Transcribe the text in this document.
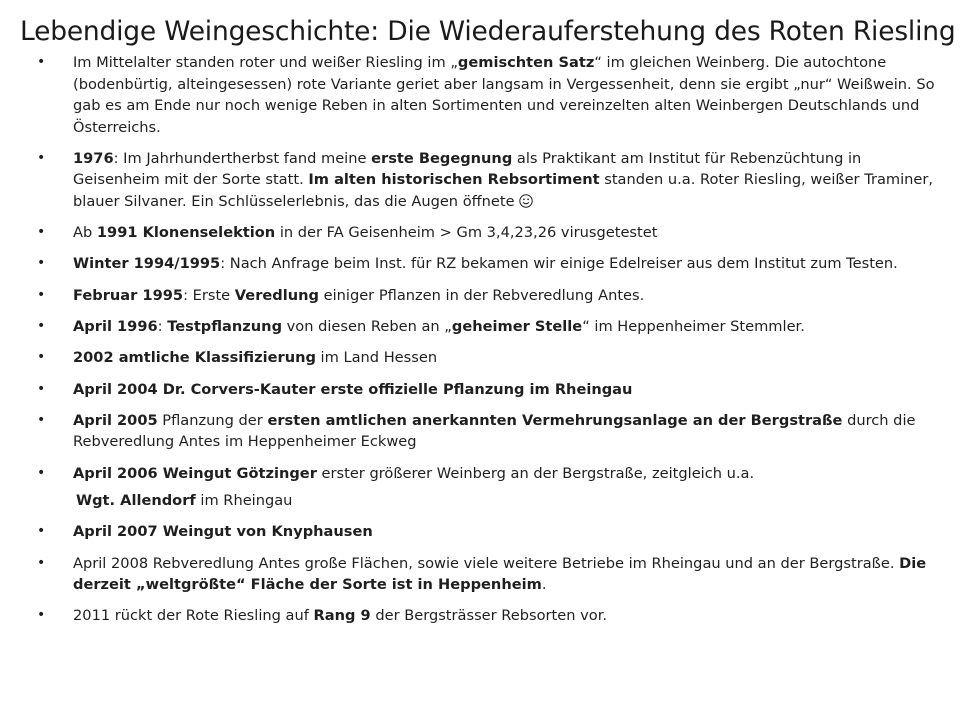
Lebendige Weingeschichte: Die Wiederauferstehung des Roten Riesling
• Im Mittelalter standen roter und weißer Riesling im „gemischten Satz“ im gleichen Weinberg. Die autochtone (bodenbürtig, alteingesessen) rote Variante geriet aber langsam in Vergessenheit, denn sie ergibt „nur“ Weißwein. So gab es am Ende nur noch wenige Reben in alten Sortimenten und vereinzelten alten Weinbergen Deutschlands und Österreichs.
• 1976: Im Jahrhundertherbst fand meine erste Begegnung als Praktikant am Institut für Rebenzüchtung in Geisenheim mit der Sorte statt. Im alten historischen Rebsortiment standen u.a. Roter Riesling, weißer Traminer, blauer Silvaner. Ein Schlüsselerlebnis, das die Augen öffnete
• Ab 1991 Klonenselektion in der FA Geisenheim > Gm 3,4,23,26 virusgetestet
• Winter 1994/1995: Nach Anfrage beim Inst. für RZ bekamen wir einige Edelreiser aus dem Institut zum Testen.
• Februar 1995: Erste Veredlung einiger Pflanzen in der Rebveredlung Antes.
• April 1996: Testpflanzung von diesen Reben an „geheimer Stelle“ im Heppenheimer Stemmler.
• 2002 amtliche Klassifizierung im Land Hessen
• April 2004 Dr. Corvers-Kauter erste offizielle Pflanzung im Rheingau
• April 2005 Pflanzung der ersten amtlichen anerkannten Vermehrungsanlage an der Bergstraße durch die Rebveredlung Antes im Heppenheimer Eckweg
• April 2006 Weingut Götzinger erster größerer Weinberg an der Bergstraße, zeitgleich u.a.
Wgt. Allendorf im Rheingau
• April 2007 Weingut von Knyphausen
• April 2008 Rebveredlung Antes große Flächen, sowie viele weitere Betriebe im Rheingau und an der Bergstraße. Die derzeit „weltgrößte“ Fläche der Sorte ist in Heppenheim.
• 2011 rückt der Rote Riesling auf Rang 9 der Bergsträsser Rebsorten vor.
